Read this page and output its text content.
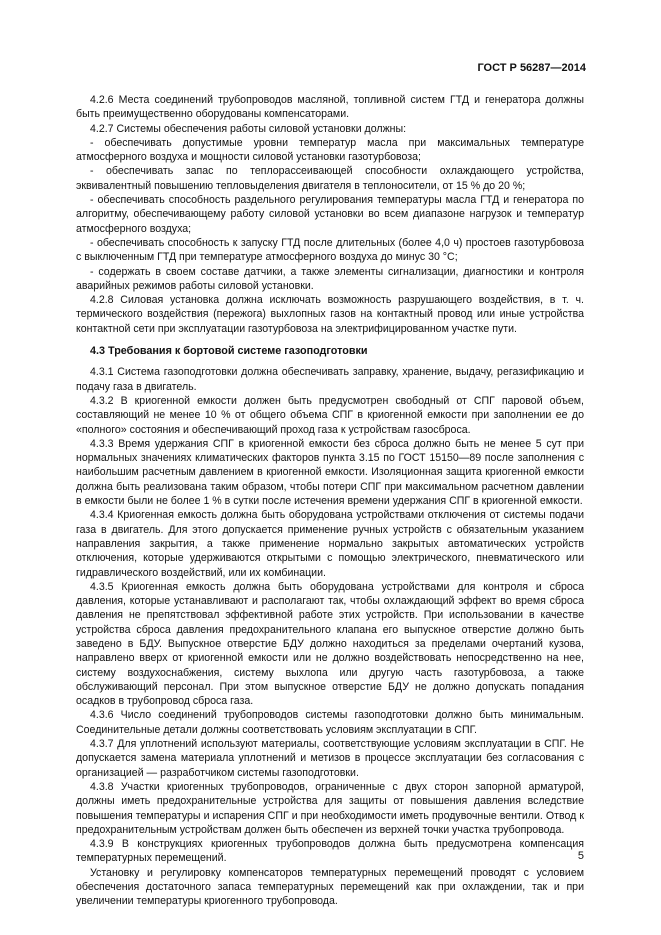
ГОСТ Р 56287—2014

4.2.6 Места соединений трубопроводов масляной, топливной систем ГТД и генератора должны быть преимущественно оборудованы компенсаторами.

4.2.7 Системы обеспечения работы силовой установки должны:

- обеспечивать допустимые уровни температур масла при максимальных температуре атмосферного воздуха и мощности силовой установки газотурбовоза;

- обеспечивать запас по теплорассеивающей способности охлаждающего устройства, эквивалентный повышению тепловыделения двигателя в теплоносители, от 15 % до 20 %;

- обеспечивать способность раздельного регулирования температуры масла ГТД и генератора по алгоритму, обеспечивающему работу силовой установки во всем диапазоне нагрузок и температур атмосферного воздуха;

- обеспечивать способность к запуску ГТД после длительных (более 4,0 ч) простоев газотурбовоза с выключенным ГТД при температуре атмосферного воздуха до минус 30 °С;

- содержать в своем составе датчики, а также элементы сигнализации, диагностики и контроля аварийных режимов работы силовой установки.

4.2.8 Силовая установка должна исключать возможность разрушающего воздействия, в т. ч. термического воздействия (пережога) выхлопных газов на контактный провод или иные устройства контактной сети при эксплуатации газотурбовоза на электрифицированном участке пути.

4.3 Требования к бортовой системе газоподготовки

4.3.1 Система газоподготовки должна обеспечивать заправку, хранение, выдачу, регазификацию и подачу газа в двигатель.

4.3.2 В криогенной емкости должен быть предусмотрен свободный от СПГ паровой объем, составляющий не менее 10 % от общего объема СПГ в криогенной емкости при заполнении ее до «полного» состояния и обеспечивающий проход газа к устройствам газосброса.

4.3.3 Время удержания СПГ в криогенной емкости без сброса должно быть не менее 5 сут при нормальных значениях климатических факторов пункта 3.15 по ГОСТ 15150—89 после заполнения с наибольшим расчетным давлением в криогенной емкости. Изоляционная защита криогенной емкости должна быть реализована таким образом, чтобы потери СПГ при максимальном расчетном давлении в емкости были не более 1 % в сутки после истечения времени удержания СПГ в криогенной емкости.

4.3.4 Криогенная емкость должна быть оборудована устройствами отключения от системы подачи газа в двигатель. Для этого допускается применение ручных устройств с обязательным указанием направления закрытия, а также применение нормально закрытых автоматических устройств отключения, которые удерживаются открытыми с помощью электрического, пневматического или гидравлического воздействий, или их комбинации.

4.3.5 Криогенная емкость должна быть оборудована устройствами для контроля и сброса давления, которые устанавливают и располагают так, чтобы охлаждающий эффект во время сброса давления не препятствовал эффективной работе этих устройств. При использовании в качестве устройства сброса давления предохранительного клапана его выпускное отверстие должно быть заведено в БДУ. Выпускное отверстие БДУ должно находиться за пределами очертаний кузова, направлено вверх от криогенной емкости или не должно воздействовать непосредственно на нее, систему воздухоснабжения, систему выхлопа или другую часть газотурбовоза, а также обслуживающий персонал. При этом выпускное отверстие БДУ не должно допускать попадания осадков в трубопровод сброса газа.

4.3.6 Число соединений трубопроводов системы газоподготовки должно быть минимальным. Соединительные детали должны соответствовать условиям эксплуатации в СПГ.

4.3.7 Для уплотнений используют материалы, соответствующие условиям эксплуатации в СПГ. Не допускается замена материала уплотнений и метизов в процессе эксплуатации без согласования с организацией — разработчиком системы газоподготовки.

4.3.8 Участки криогенных трубопроводов, ограниченные с двух сторон запорной арматурой, должны иметь предохранительные устройства для защиты от повышения давления вследствие повышения температуры и испарения СПГ и при необходимости иметь продувочные вентили. Отвод к предохранительным устройствам должен быть обеспечен из верхней точки участка трубопровода.

4.3.9 В конструкциях криогенных трубопроводов должна быть предусмотрена компенсация температурных перемещений.

Установку и регулировку компенсаторов температурных перемещений проводят с условием обеспечения достаточного запаса температурных перемещений как при охлаждении, так и при увеличении температуры криогенного трубопровода.

5
